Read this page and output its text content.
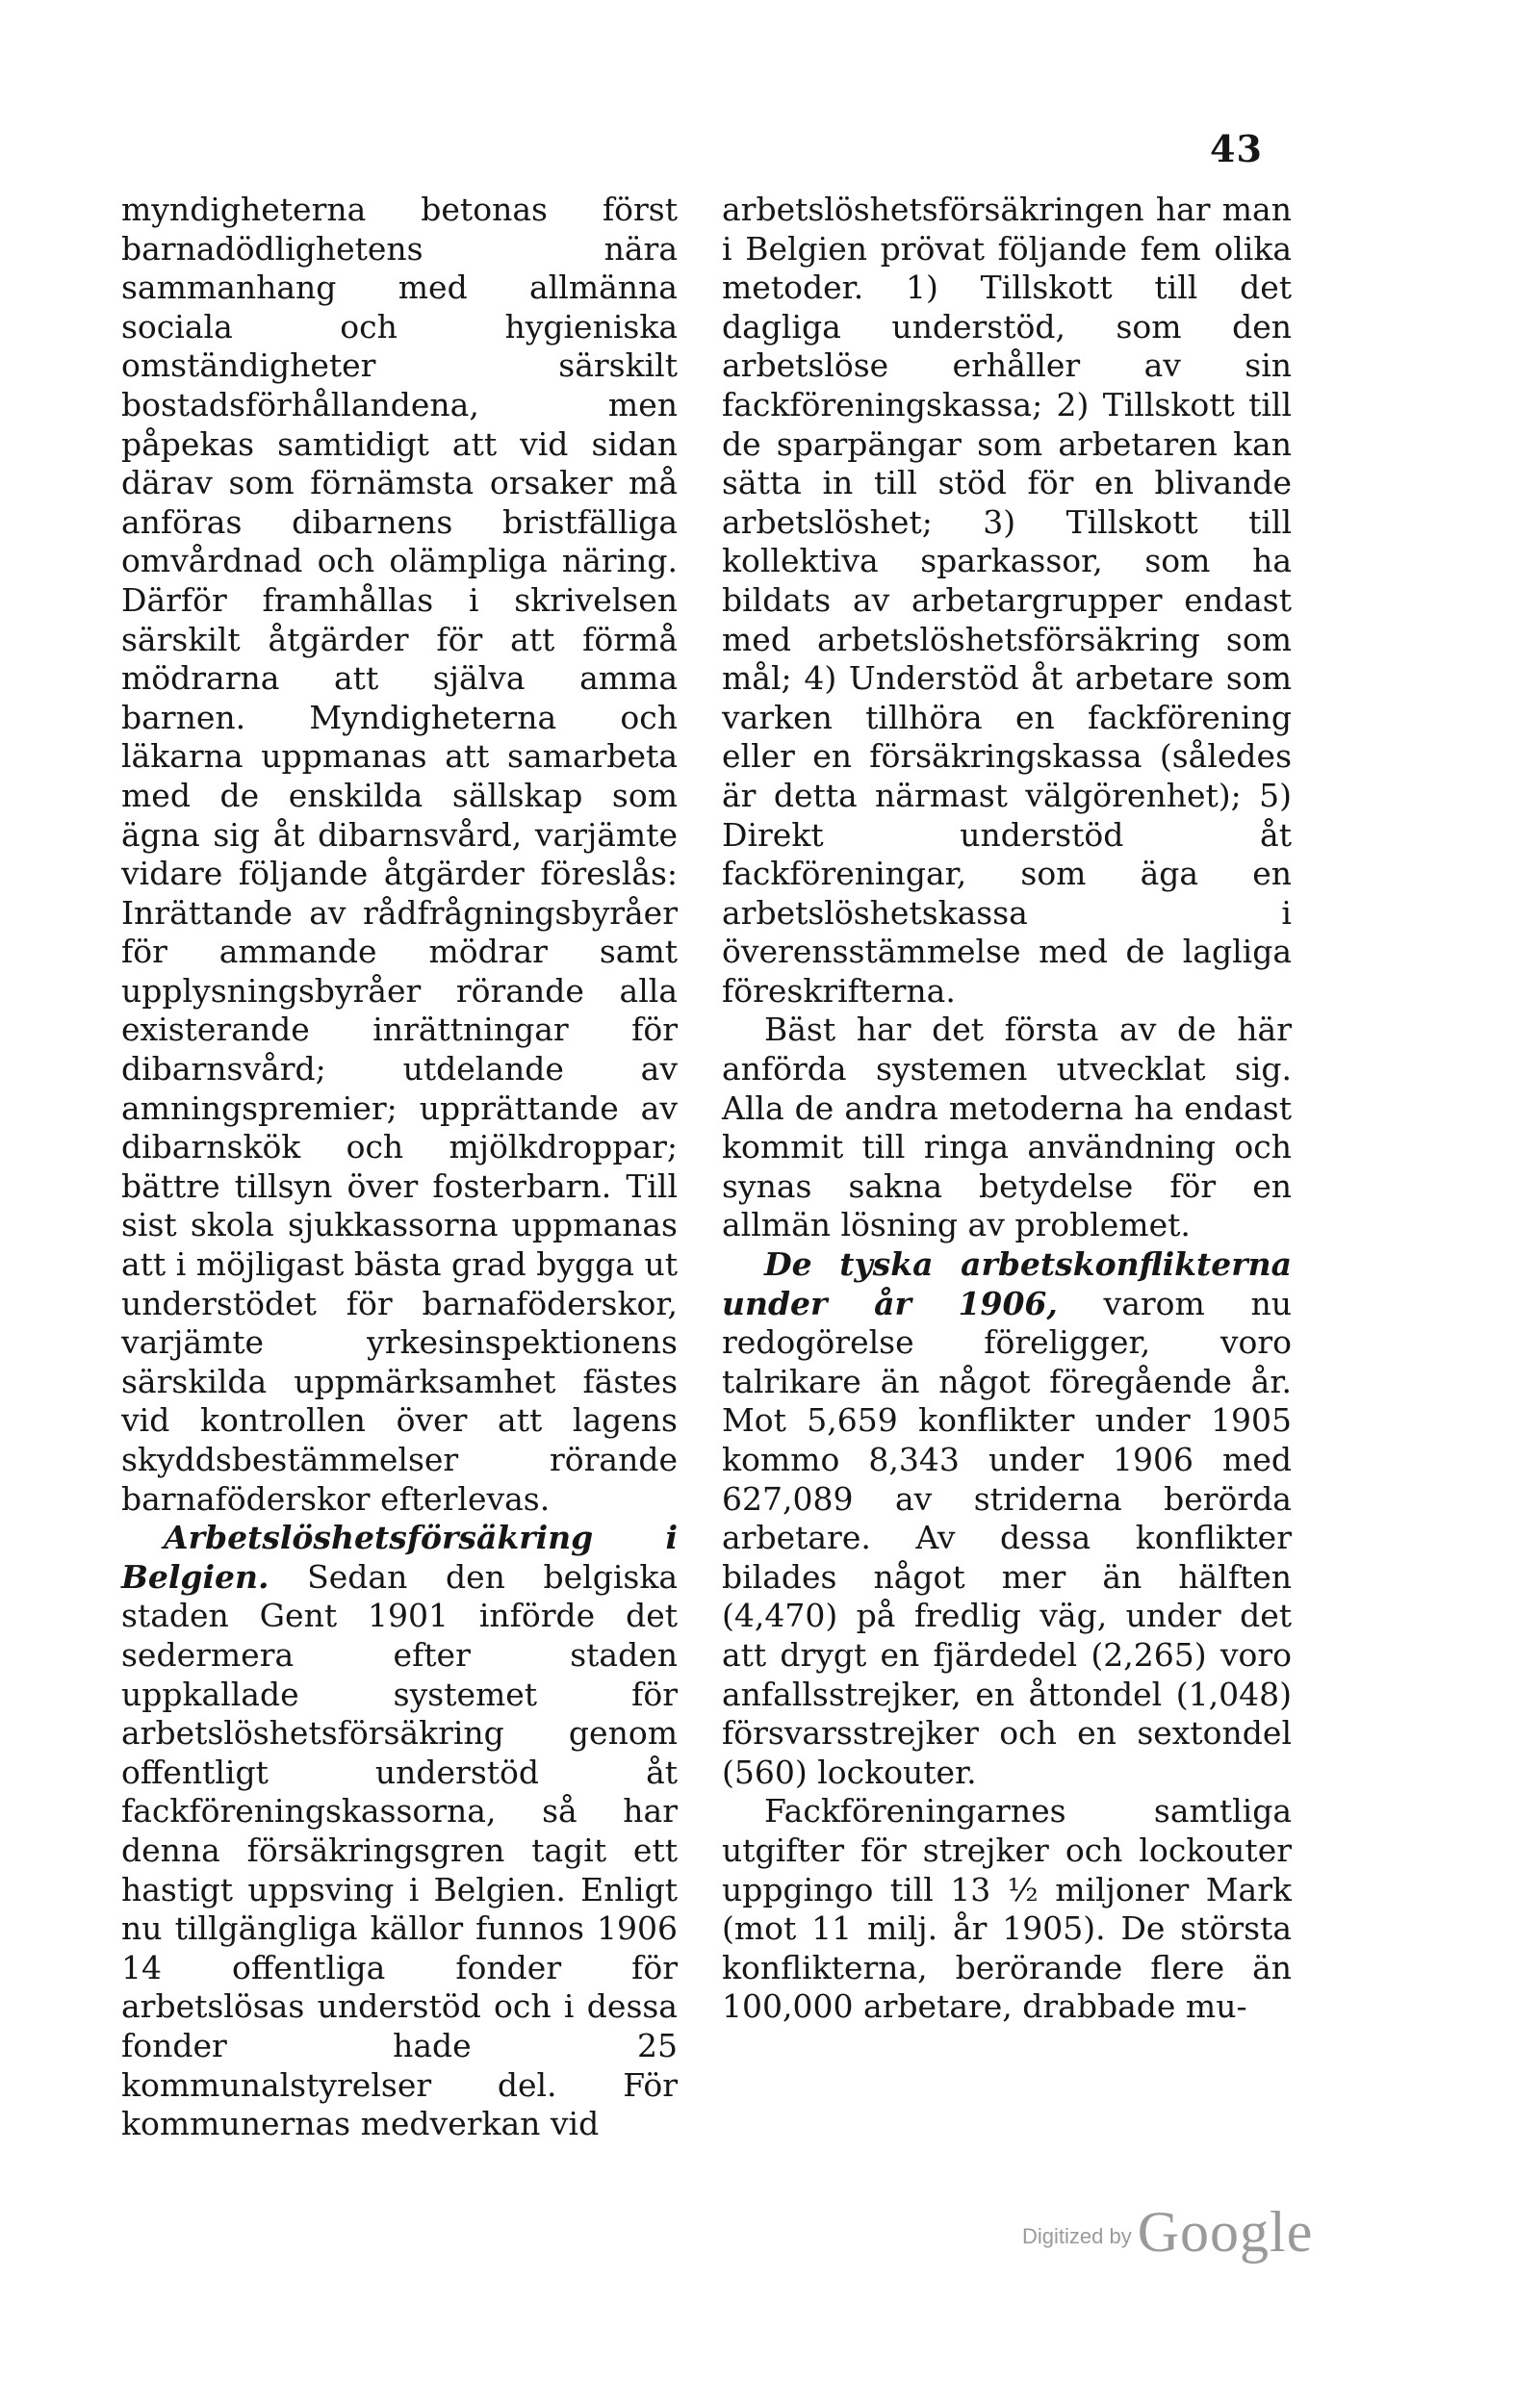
43

myndigheterna betonas först barnadödlighetens nära sammanhang med allmänna sociala och hygieniska omständigheter särskilt bostadsförhållandena, men påpekas samtidigt att vid sidan därav som förnämsta orsaker må anföras dibarnens bristfälliga omvårdnad och olämpliga näring. Därför framhållas i skrivelsen särskilt åtgärder för att förmå mödrarna att själva amma barnen. Myndigheterna och läkarna uppmanas att samarbeta med de enskilda sällskap som ägna sig åt dibarnsvård, varjämte vidare följande åtgärder föreslås: Inrättande av rådfrågningsbyråer för ammande mödrar samt upplysningsbyråer rörande alla existerande inrättningar för dibarnsvård; utdelande av amningspremier; upprättande av dibarnskök och mjölkdroppar; bättre tillsyn över fosterbarn. Till sist skola sjukkassorna uppmanas att i möjligast bästa grad bygga ut understödet för barnaföderskor, varjämte yrkesinspektionens särskilda uppmärksamhet fästes vid kontrollen över att lagens skyddsbestämmelser rörande barnaföderskor efterlevas.

Arbetslöshetsförsäkring i Belgien. Sedan den belgiska staden Gent 1901 införde det sedermera efter staden uppkallade systemet för arbetslöshetsförsäkring genom offentligt understöd åt fackföreningskassorna, så har denna försäkringsgren tagit ett hastigt uppsving i Belgien. Enligt nu tillgängliga källor funnos 1906 14 offentliga fonder för arbetslösas understöd och i dessa fonder hade 25 kommunalstyrelser del. För kommunernas medverkan vid

arbetslöshetsförsäkringen har man i Belgien prövat följande fem olika metoder. 1) Tillskott till det dagliga understöd, som den arbetslöse erhåller av sin fackföreningskassa; 2) Tillskott till de sparpängar som arbetaren kan sätta in till stöd för en blivande arbetslöshet; 3) Tillskott till kollektiva sparkassor, som ha bildats av arbetargrupper endast med arbetslöshetsförsäkring som mål; 4) Understöd åt arbetare som varken tillhöra en fackförening eller en försäkringskassa (således är detta närmast välgörenhet); 5) Direkt understöd åt fackföreningar, som äga en arbetslöshetskassa i överensstämmelse med de lagliga föreskrifterna.

Bäst har det första av de här anförda systemen utvecklat sig. Alla de andra metoderna ha endast kommit till ringa användning och synas sakna betydelse för en allmän lösning av problemet.

De tyska arbetskonflikterna under år 1906, varom nu redogörelse föreligger, voro talrikare än något föregående år. Mot 5,659 konflikter under 1905 kommo 8,343 under 1906 med 627,089 av striderna berörda arbetare. Av dessa konflikter bilades något mer än hälften (4,470) på fredlig väg, under det att drygt en fjärdedel (2,265) voro anfallsstrejker, en åttondel (1,048) försvarsstrejker och en sextondel (560) lockouter.

Fackföreningarnes samtliga utgifter för strejker och lockouter uppgingo till 13 ½ miljoner Mark (mot 11 milj. år 1905). De största konflikterna, berörande flere än 100,000 arbetare, drabbade mu-

Digitized by Google
